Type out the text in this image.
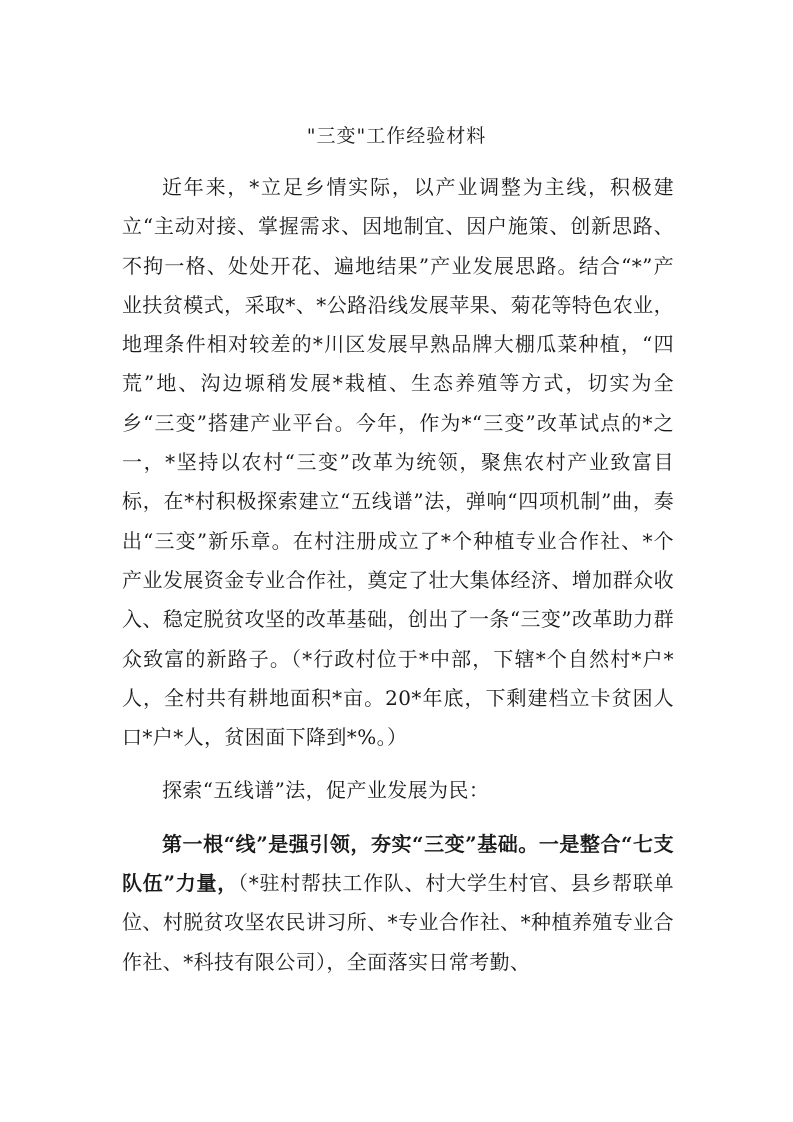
"三变"工作经验材料

近年来，*立足乡情实际，以产业调整为主线，积极建立“主动对接、掌握需求、因地制宜、因户施策、创新思路、不拘一格、处处开花、遍地结果”产业发展思路。结合“*”产业扶贫模式，采取*、*公路沿线发展苹果、菊花等特色农业，地理条件相对较差的*川区发展早熟品牌大棚瓜菜种植，“四荒”地、沟边塬稍发展*栽植、生态养殖等方式，切实为全乡“三变”搭建产业平台。今年，作为*“三变”改革试点的*之一，*坚持以农村“三变”改革为统领，聚焦农村产业致富目标，在*村积极探索建立“五线谱”法，弹响“四项机制”曲，奏出“三变”新乐章。在村注册成立了*个种植专业合作社、*个产业发展资金专业合作社，奠定了壮大集体经济、增加群众收入、稳定脱贫攻坚的改革基础，创出了一条“三变”改革助力群众致富的新路子。（*行政村位于*中部，下辖*个自然村*户*人，全村共有耕地面积*亩。20*年底，下剩建档立卡贫困人口*户*人，贫困面下降到*%。）

探索“五线谱”法，促产业发展为民：

第一根“线”是强引领，夯实“三变”基础。一是整合“七支队伍”力量，（*驻村帮扶工作队、村大学生村官、县乡帮联单位、村脱贫攻坚农民讲习所、*专业合作社、*种植养殖专业合作社、*科技有限公司），全面落实日常考勤、
